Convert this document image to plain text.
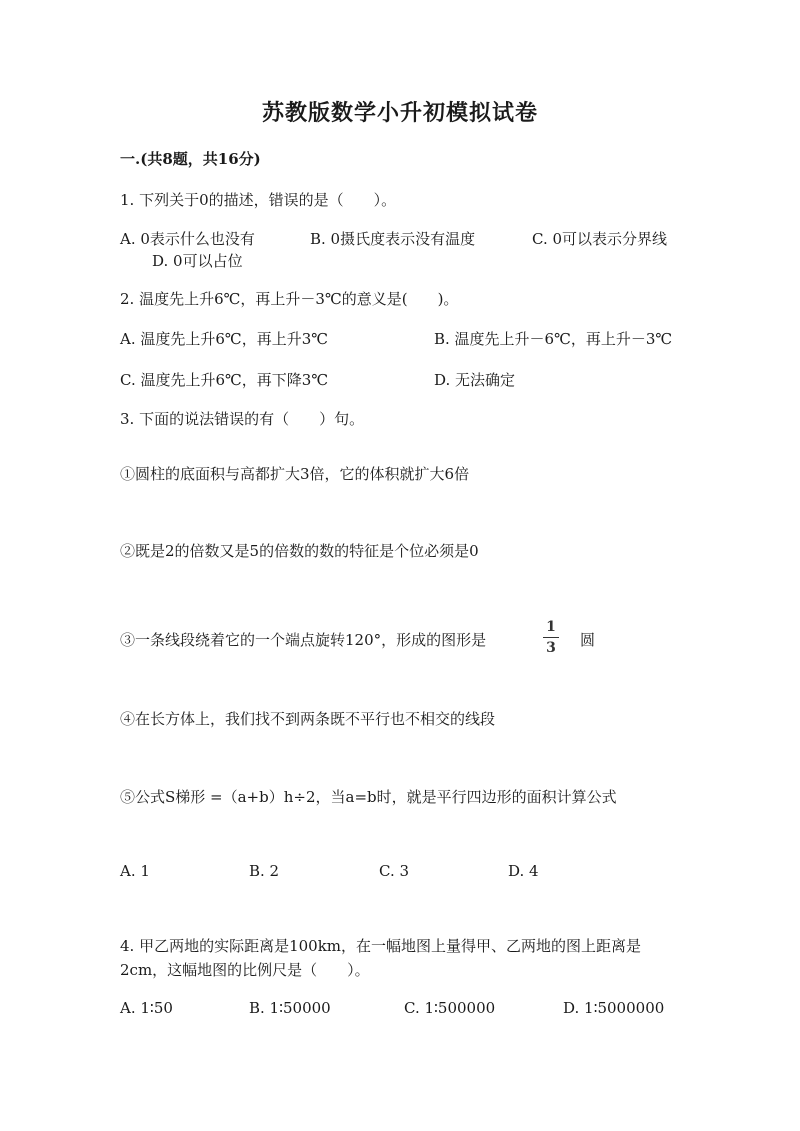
苏教版数学小升初模拟试卷
一.(共8题，共16分)
1. 下列关于0的描述，错误的是（　　）。
A. 0表示什么也没有	B. 0摄氏度表示没有温度	C. 0可以表示分界线
D. 0可以占位
2. 温度先上升6℃，再上升－3℃的意义是(　　)。
A. 温度先上升6℃，再上升3℃	B. 温度先上升－6℃，再上升－3℃
C. 温度先上升6℃，再下降3℃	D. 无法确定
3. 下面的说法错误的有（　　）句。
①圆柱的底面积与高都扩大3倍，它的体积就扩大6倍
②既是2的倍数又是5的倍数的数的特征是个位必须是0
③一条线段绕着它的一个端点旋转120°，形成的图形是
1
3	圆
④在长方体上，我们找不到两条既不平行也不相交的线段
⑤公式S梯形 =（a+b）h÷2，当a=b时，就是平行四边形的面积计算公式
A. 1	B. 2	C. 3	D. 4
4. 甲乙两地的实际距离是100km，在一幅地图上量得甲、乙两地的图上距离是
2cm，这幅地图的比例尺是（　　）。
A. 1∶50	B. 1∶50000	C. 1∶500000	D. 1∶5000000
